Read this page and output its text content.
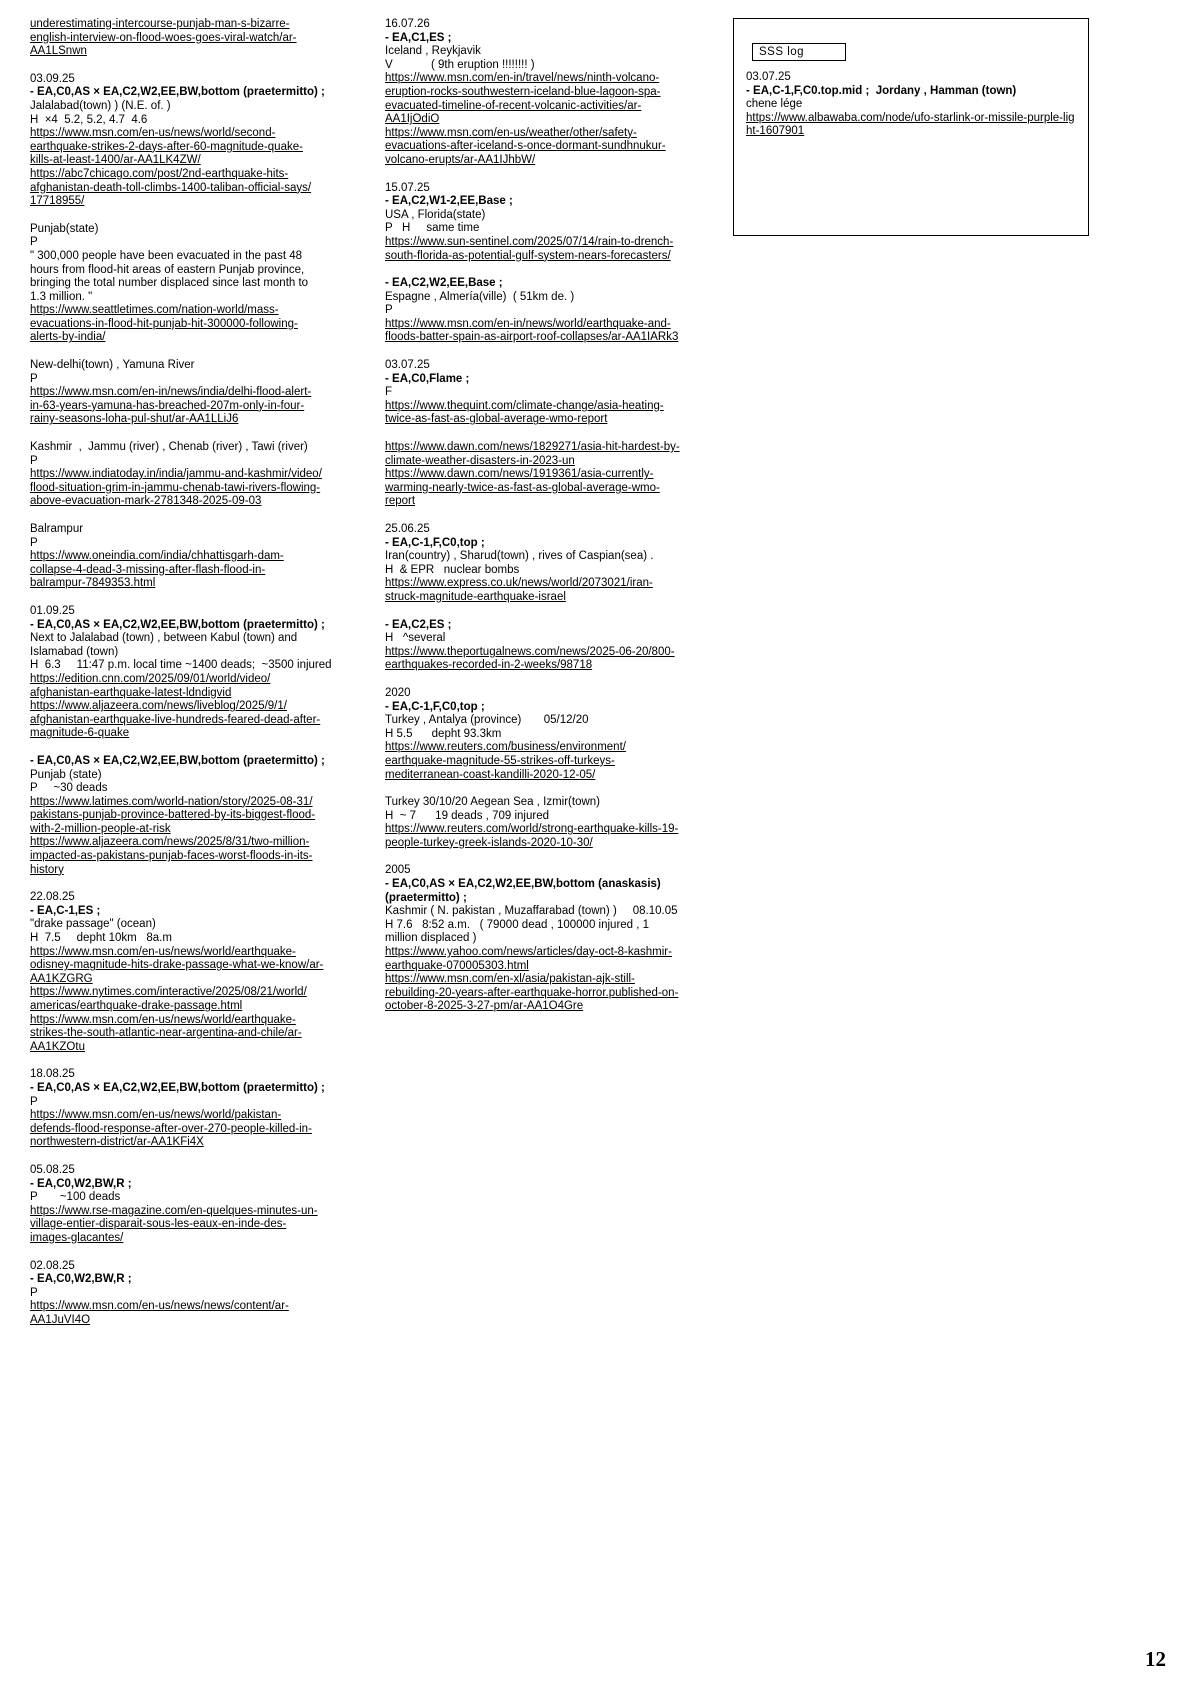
underestimating-intercourse-punjab-man-s-bizarre-
english-interview-on-flood-woes-goes-viral-watch/ar-
AA1LSnwn
03.09.25
- EA,C0,AS × EA,C2,W2,EE,BW,bottom (praetermitto) ;
Jalalabad(town) ) (N.E. of. )
H  ×4  5.2, 5.2, 4.7  4.6
https://www.msn.com/en-us/news/world/second-
earthquake-strikes-2-days-after-60-magnitude-quake-
kills-at-least-1400/ar-AA1LK4ZW/
https://abc7chicago.com/post/2nd-earthquake-hits-
afghanistan-death-toll-climbs-1400-taliban-official-says/
17718955/
Punjab(state)
P
" 300,000 people have been evacuated in the past 48
hours from flood-hit areas of eastern Punjab province,
bringing the total number displaced since last month to
1.3 million. "
https://www.seattletimes.com/nation-world/mass-
evacuations-in-flood-hit-punjab-hit-300000-following-
alerts-by-india/
New-delhi(town) , Yamuna River
P
https://www.msn.com/en-in/news/india/delhi-flood-alert-
in-63-years-yamuna-has-breached-207m-only-in-four-
rainy-seasons-loha-pul-shut/ar-AA1LLiJ6
Kashmir  ,  Jammu (river) , Chenab (river) , Tawi (river)
P
https://www.indiatoday.in/india/jammu-and-kashmir/video/
flood-situation-grim-in-jammu-chenab-tawi-rivers-flowing-
above-evacuation-mark-2781348-2025-09-03
Balrampur
P
https://www.oneindia.com/india/chhattisgarh-dam-
collapse-4-dead-3-missing-after-flash-flood-in-
balrampur-7849353.html
01.09.25
- EA,C0,AS × EA,C2,W2,EE,BW,bottom (praetermitto) ;
Next to Jalalabad (town) , between Kabul (town) and
Islamabad (town)
H  6.3     11:47 p.m. local time ~1400 deads;  ~3500 injured
https://edition.cnn.com/2025/09/01/world/video/
afghanistan-earthquake-latest-ldndigvid
https://www.aljazeera.com/news/liveblog/2025/9/1/
afghanistan-earthquake-live-hundreds-feared-dead-after-
magnitude-6-quake
- EA,C0,AS × EA,C2,W2,EE,BW,bottom (praetermitto) ;
Punjab (state)
P     ~30 deads
https://www.latimes.com/world-nation/story/2025-08-31/
pakistans-punjab-province-battered-by-its-biggest-flood-
with-2-million-people-at-risk
https://www.aljazeera.com/news/2025/8/31/two-million-
impacted-as-pakistans-punjab-faces-worst-floods-in-its-
history
22.08.25
- EA,C-1,ES ;
"drake passage" (ocean)
H  7.5     depht 10km   8a.m
https://www.msn.com/en-us/news/world/earthquake-
odisney-magnitude-hits-drake-passage-what-we-know/ar-
AA1KZGRG
https://www.nytimes.com/interactive/2025/08/21/world/
americas/earthquake-drake-passage.html
https://www.msn.com/en-us/news/world/earthquake-
strikes-the-south-atlantic-near-argentina-and-chile/ar-
AA1KZOtu
18.08.25
- EA,C0,AS × EA,C2,W2,EE,BW,bottom (praetermitto) ;
P
https://www.msn.com/en-us/news/world/pakistan-
defends-flood-response-after-over-270-people-killed-in-
northwestern-district/ar-AA1KFi4X
05.08.25
- EA,C0,W2,BW,R ;
P       ~100 deads
https://www.rse-magazine.com/en-quelques-minutes-un-
village-entier-disparait-sous-les-eaux-en-inde-des-
images-glacantes/
02.08.25
- EA,C0,W2,BW,R ;
P
https://www.msn.com/en-us/news/news/content/ar-
AA1JuVI4O
16.07.26
- EA,C1,ES ;
Iceland , Reykjavik
V            ( 9th eruption !!!!!!!! )
https://www.msn.com/en-in/travel/news/ninth-volcano-
eruption-rocks-southwestern-iceland-blue-lagoon-spa-
evacuated-timeline-of-recent-volcanic-activities/ar-
AA1IjOdiO
https://www.msn.com/en-us/weather/other/safety-
evacuations-after-iceland-s-once-dormant-sundhnukur-
volcano-erupts/ar-AA1IJhbW/
15.07.25
- EA,C2,W1-2,EE,Base ;
USA , Florida(state)
P   H     same time
https://www.sun-sentinel.com/2025/07/14/rain-to-drench-
south-florida-as-potential-gulf-system-nears-forecasters/
- EA,C2,W2,EE,Base ;
Espagne , Almería(ville)  ( 51km de. )
P
https://www.msn.com/en-in/news/world/earthquake-and-
floods-batter-spain-as-airport-roof-collapses/ar-AA1IARk3
03.07.25
- EA,C0,Flame ;
F
https://www.thequint.com/climate-change/asia-heating-
twice-as-fast-as-global-average-wmo-report
https://www.dawn.com/news/1829271/asia-hit-hardest-by-
climate-weather-disasters-in-2023-un
https://www.dawn.com/news/1919361/asia-currently-
warming-nearly-twice-as-fast-as-global-average-wmo-
report
25.06.25
- EA,C-1,F,C0,top ;
Iran(country) , Sharud(town) , rives of Caspian(sea) .
H  & EPR   nuclear bombs
https://www.express.co.uk/news/world/2073021/iran-
struck-magnitude-earthquake-israel
- EA,C2,ES ;
H   ^several
https://www.theportugalnews.com/news/2025-06-20/800-
earthquakes-recorded-in-2-weeks/98718
2020
- EA,C-1,F,C0,top ;
Turkey , Antalya (province)       05/12/20
H 5.5      depht 93.3km
https://www.reuters.com/business/environment/
earthquake-magnitude-55-strikes-off-turkeys-
mediterranean-coast-kandilli-2020-12-05/
Turkey 30/10/20 Aegean Sea , Izmir(town)
H  ~ 7      19 deads , 709 injured
https://www.reuters.com/world/strong-earthquake-kills-19-
people-turkey-greek-islands-2020-10-30/
2005
- EA,C0,AS × EA,C2,W2,EE,BW,bottom (anaskasis)
(praetermitto) ;
Kashmir ( N. pakistan , Muzaffarabad (town) )     08.10.05
H 7.6   8:52 a.m.   ( 79000 dead , 100000 injured , 1
million displaced )
https://www.yahoo.com/news/articles/day-oct-8-kashmir-
earthquake-070005303.html
https://www.msn.com/en-xl/asia/pakistan-ajk-still-
rebuilding-20-years-after-earthquake-horror.published-on-
october-8-2025-3-27-pm/ar-AA1O4Gre
SSS log
03.07.25
- EA,C-1,F,C0.top.mid ;  Jordany , Hamman (town)
chene lége
https://www.albawaba.com/node/ufo-starlink-or-missile-purple-light-1607901
12
